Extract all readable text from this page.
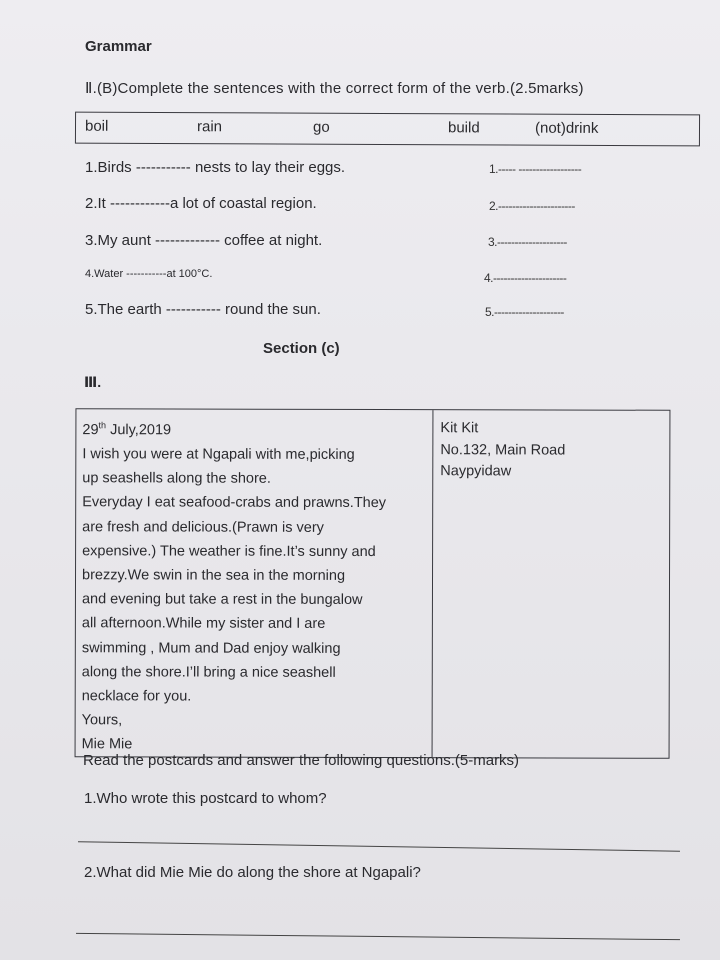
Grammar
Ⅱ.(B)Complete the sentences with the correct form of the verb.(2.5marks)
boil	rain	go	build	(not)drink
1.Birds ----------- nests to lay their eggs.	1.----- ------------------
2.It ------------a lot of coastal region.	2.----------------------
3.My aunt ------------- coffee at night.	3.--------------------
4.Water -----------at 100°C.	4.---------------------
5.The earth ----------- round the sun.	5.--------------------
Section (c)
Ⅲ.
29th July,2019
I wish you were at Ngapali with me,picking
up seashells along the shore.
Everyday I eat seafood-crabs and prawns.They
are fresh and delicious.(Prawn is very
expensive.) The weather is fine.It’s sunny and
brezzy.We swin in the sea in the morning
and evening but take a rest in the bungalow
all afternoon.While my sister and I are
swimming , Mum and Dad enjoy walking
along the shore.I’ll bring a nice seashell
necklace for you.
Yours,
Mie Mie
Kit Kit
No.132, Main Road
Naypyidaw
Read the postcards and answer the following questions.(5-marks)
1.Who wrote this postcard to whom?
2.What did Mie Mie do along the shore at Ngapali?
